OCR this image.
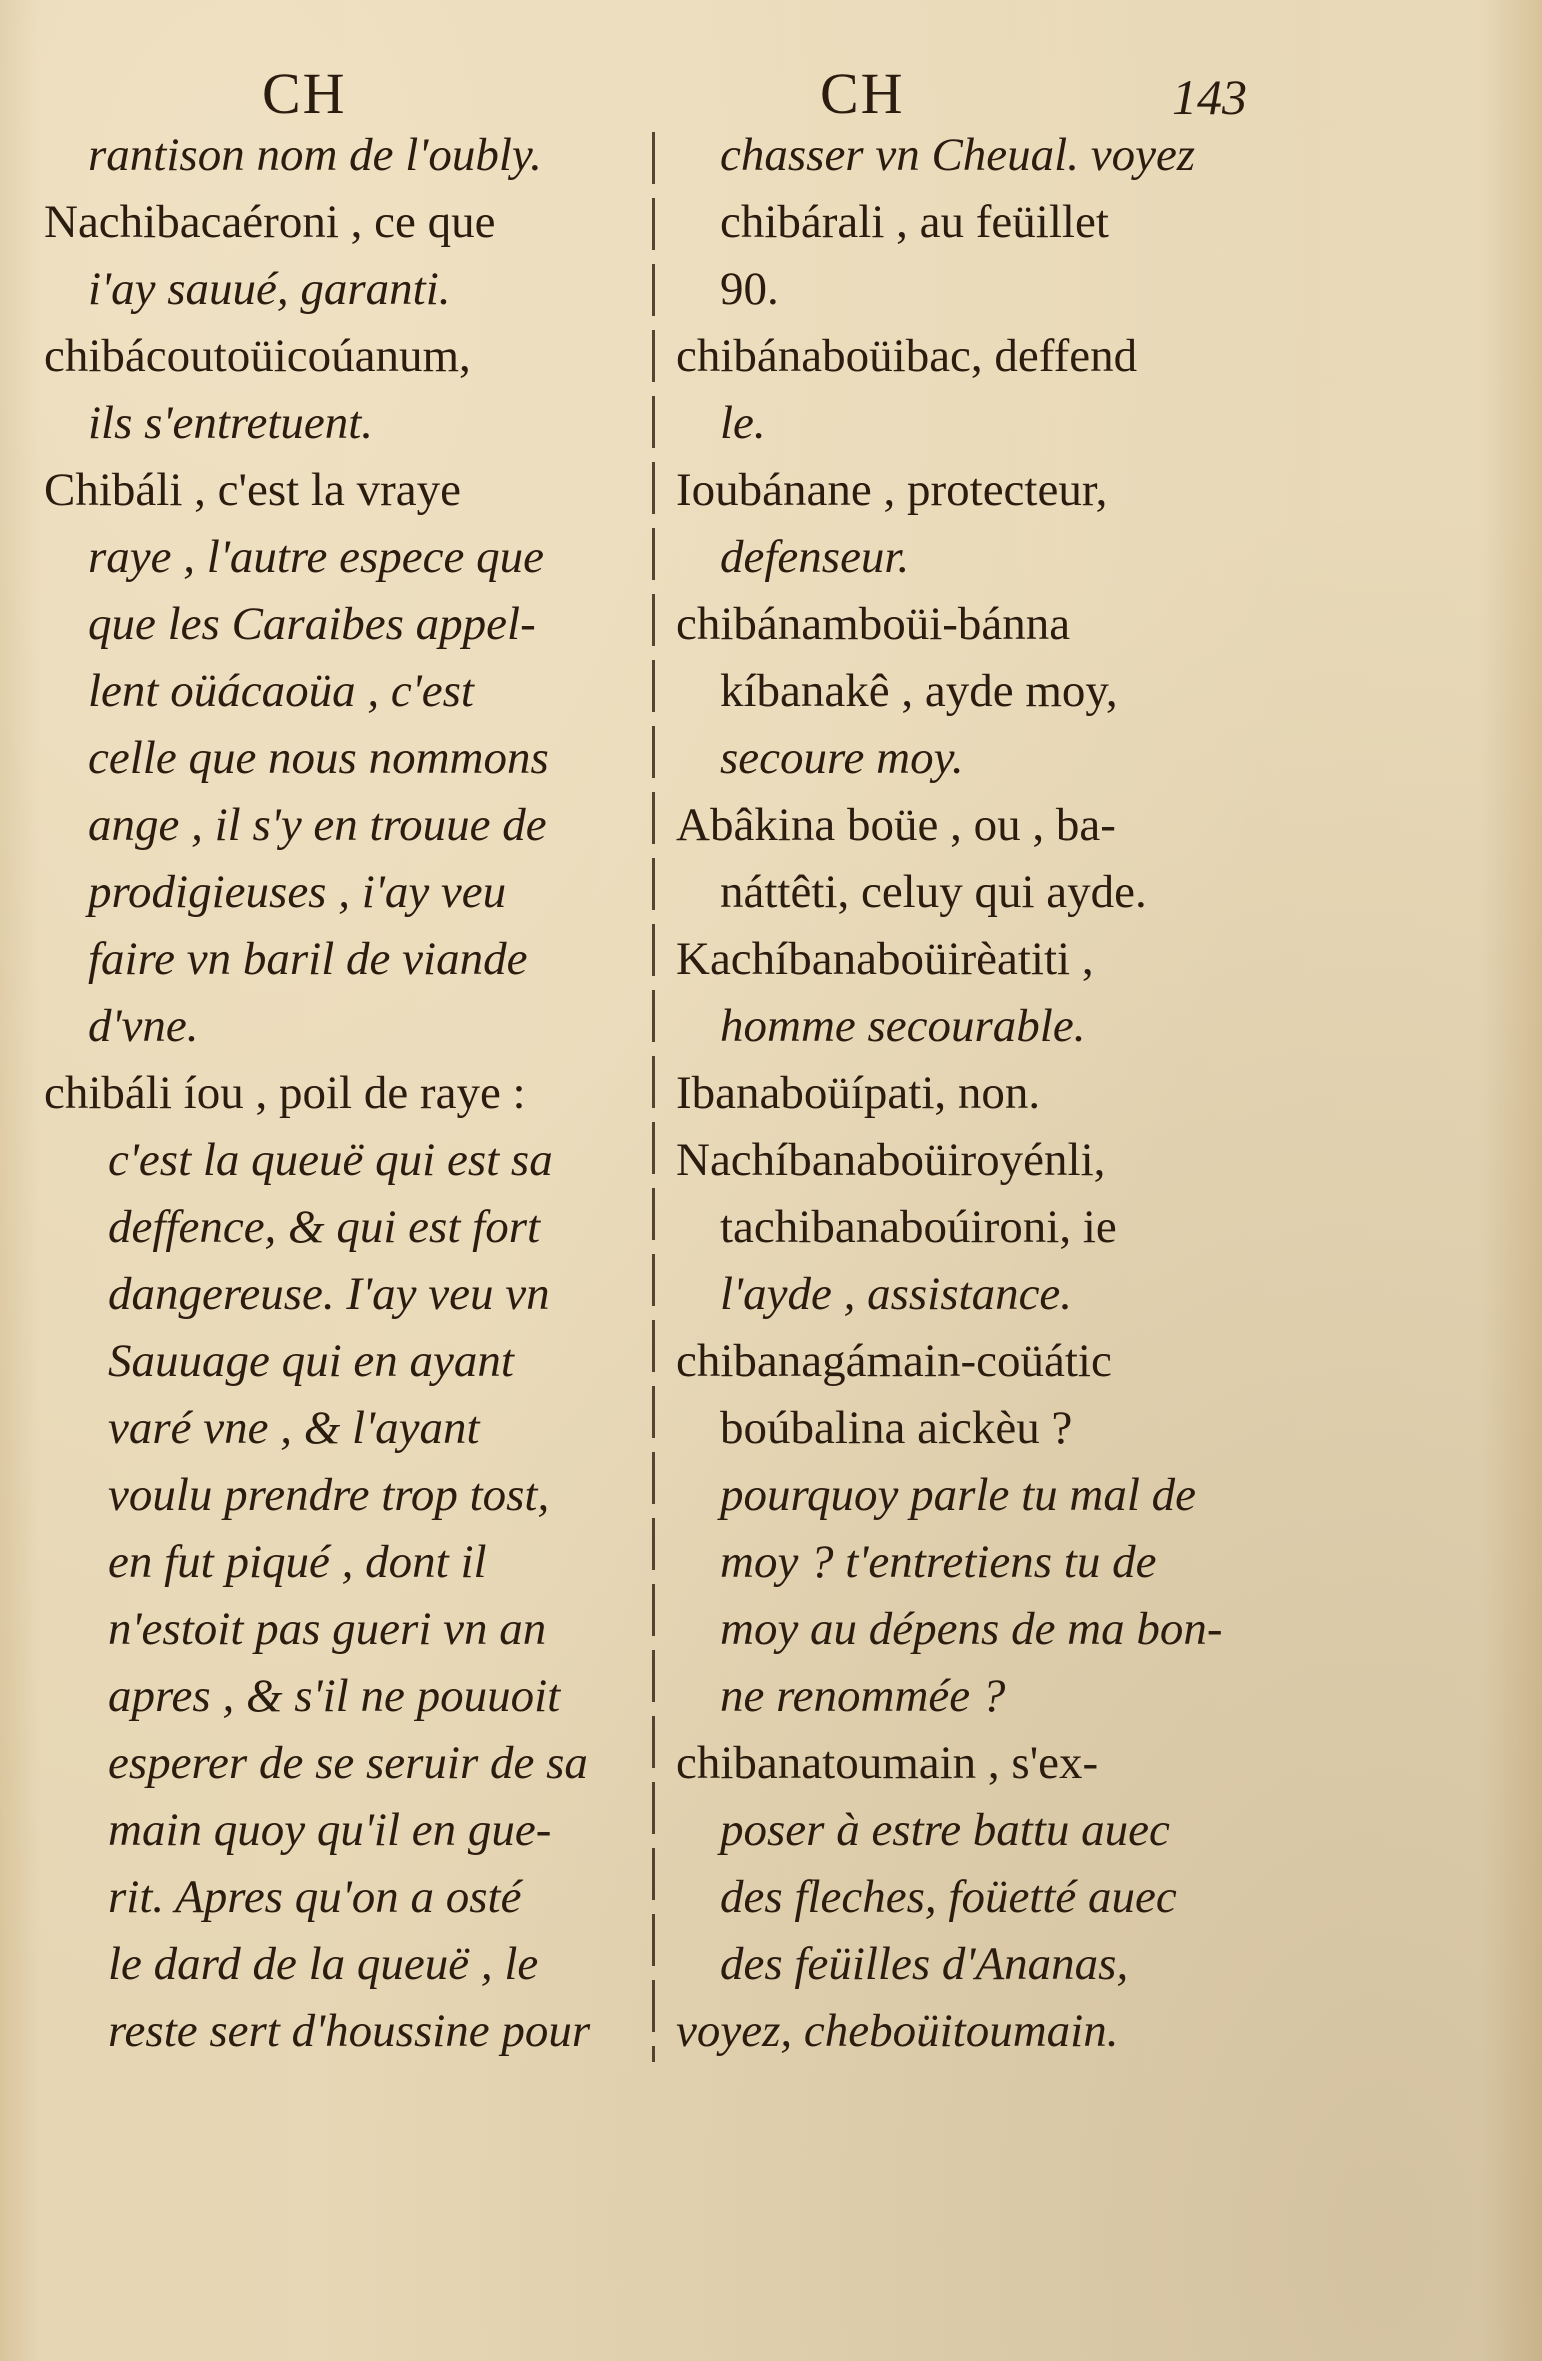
CH	CH	143
rantison nom de l'oubly.
Nachibacaéroni , ce que
i'ay sauué, garanti.
chibácoutoüicoúanum,
ils s'entretuent.
Chibáli , c'est la vraye
raye , l'autre espece que
que les Caraibes appel-
lent oüácaoüa , c'est
celle que nous nommons
ange , il s'y en trouue de
prodigieuses , i'ay veu
faire vn baril de viande
d'vne.
chibáli íou , poil de raye :
c'est la queuë qui est sa
deffence, & qui est fort
dangereuse. I'ay veu vn
Sauuage qui en ayant
varé vne , & l'ayant
voulu prendre trop tost,
en fut piqué , dont il
n'estoit pas gueri vn an
apres , & s'il ne pouuoit
esperer de se seruir de sa
main quoy qu'il en gue-
rit. Apres qu'on a osté
le dard de la queuë , le
reste sert d'houssine pour
chasser vn Cheual. voyez
chibárali , au feüillet
90.
chibánaboüibac, deffend
le.
Ioubánane , protecteur,
defenseur.
chibánamboüi-bánna
kíbanakê , ayde moy,
secoure moy.
Abâkina boüe , ou , ba-
náttêti, celuy qui ayde.
Kachíbanaboüirèatiti ,
homme secourable.
Ibanaboüípati, non.
Nachíbanaboüiroyénli,
tachibanaboúironi, ie
l'ayde , assistance.
chibanagámain-coüátic
boúbalina aickèu ?
pourquoy parle tu mal de
moy ? t'entretiens tu de
moy au dépens de ma bon-
ne renommée ?
chibanatoumain , s'ex-
poser à estre battu auec
des fleches, foüetté auec
des feüilles d'Ananas,
voyez, cheboüitoumain.
